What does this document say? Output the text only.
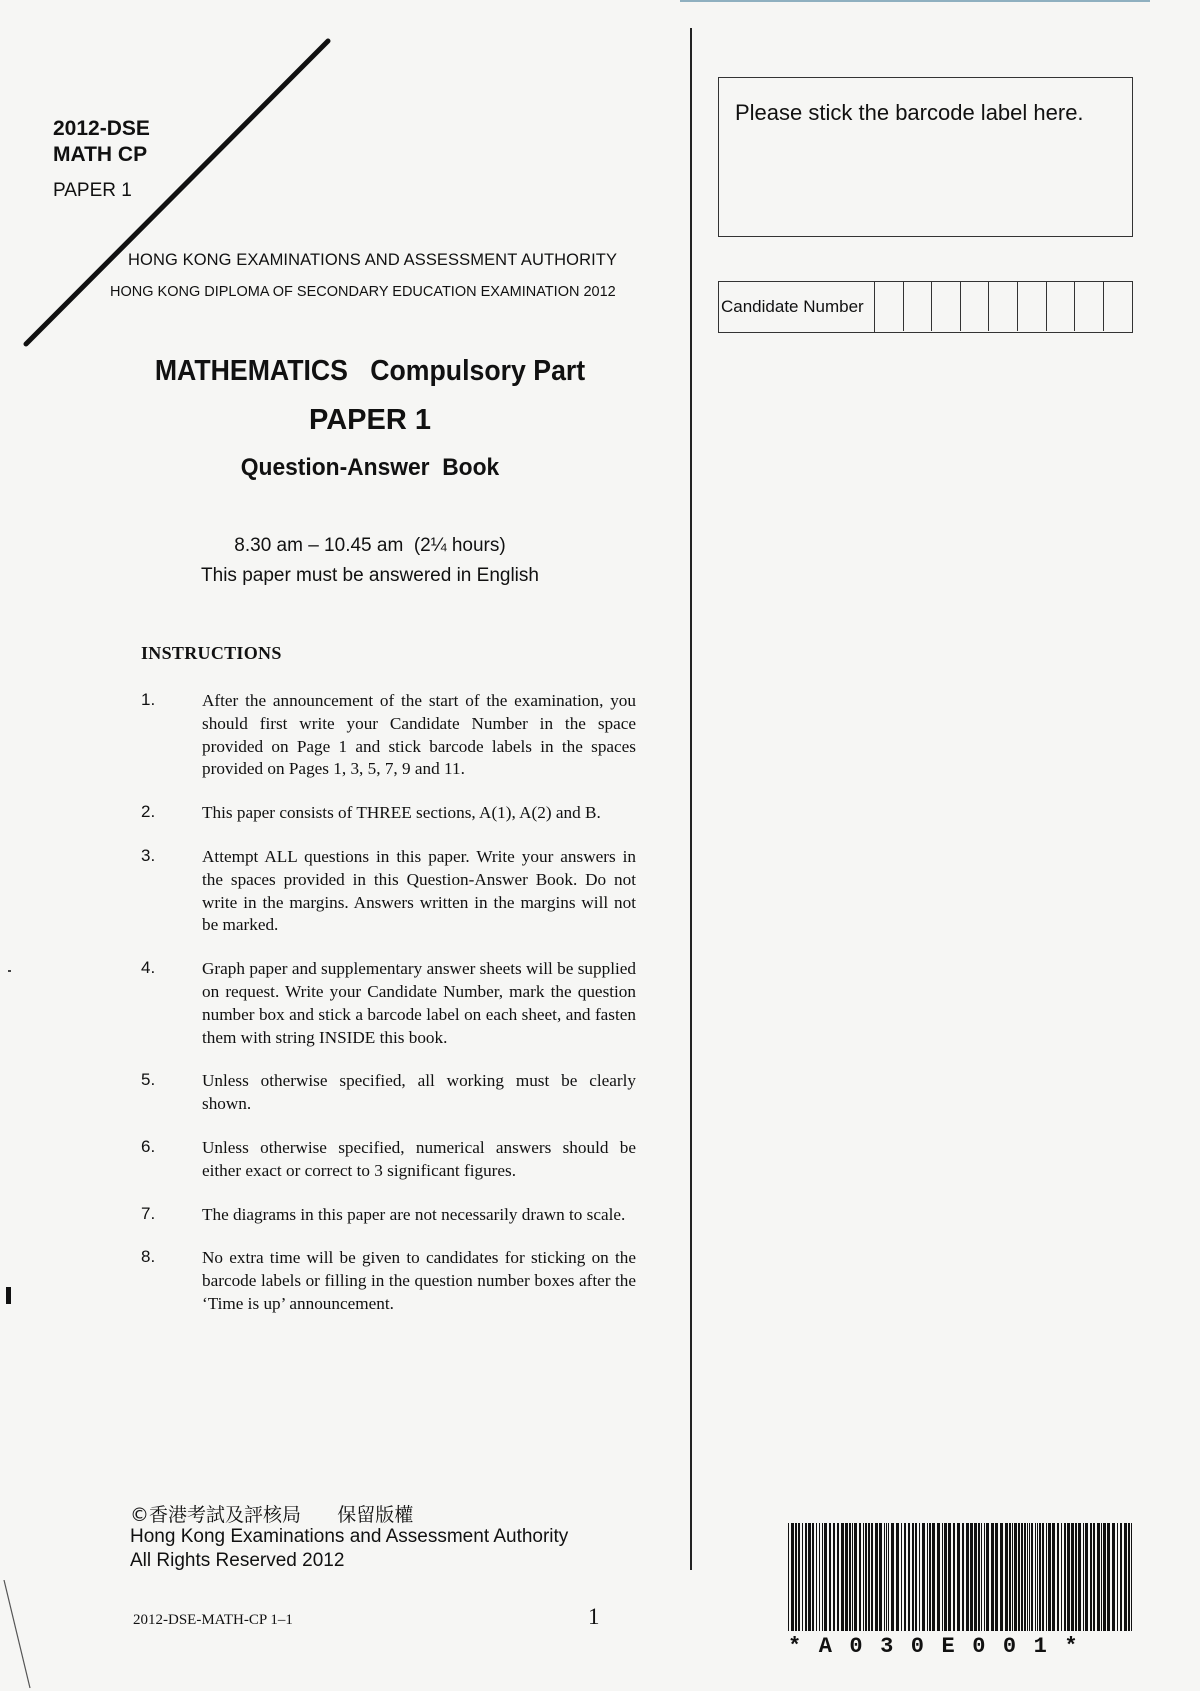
2012-DSE
MATH CP
PAPER 1
HONG KONG EXAMINATIONS AND ASSESSMENT AUTHORITY
HONG KONG DIPLOMA OF SECONDARY EDUCATION EXAMINATION 2012
MATHEMATICS   Compulsory Part
PAPER 1
Question-Answer  Book
8.30 am – 10.45 am  (2¼ hours)
This paper must be answered in English
INSTRUCTIONS
1.	After the announcement of the start of the examination, you should first write your Candidate Number in the space provided on Page 1 and stick barcode labels in the spaces provided on Pages 1, 3, 5, 7, 9 and 11.
2.	This paper consists of THREE sections, A(1), A(2) and B.
3.	Attempt ALL questions in this paper. Write your answers in the spaces provided in this Question-Answer Book. Do not write in the margins. Answers written in the margins will not be marked.
4.	Graph paper and supplementary answer sheets will be supplied on request. Write your Candidate Number, mark the question number box and stick a barcode label on each sheet, and fasten them with string INSIDE this book.
5.	Unless otherwise specified, all working must be clearly shown.
6.	Unless otherwise specified, numerical answers should be either exact or correct to 3 significant figures.
7.	The diagrams in this paper are not necessarily drawn to scale.
8.	No extra time will be given to candidates for sticking on the barcode labels or filling in the question number boxes after the ‘Time is up’ announcement.
Please stick the barcode label here.
Candidate Number
©香港考試及評核局      保留版權
Hong Kong Examinations and Assessment Authority
All Rights Reserved 2012
2012-DSE-MATH-CP 1–1	1
*A030E001*
